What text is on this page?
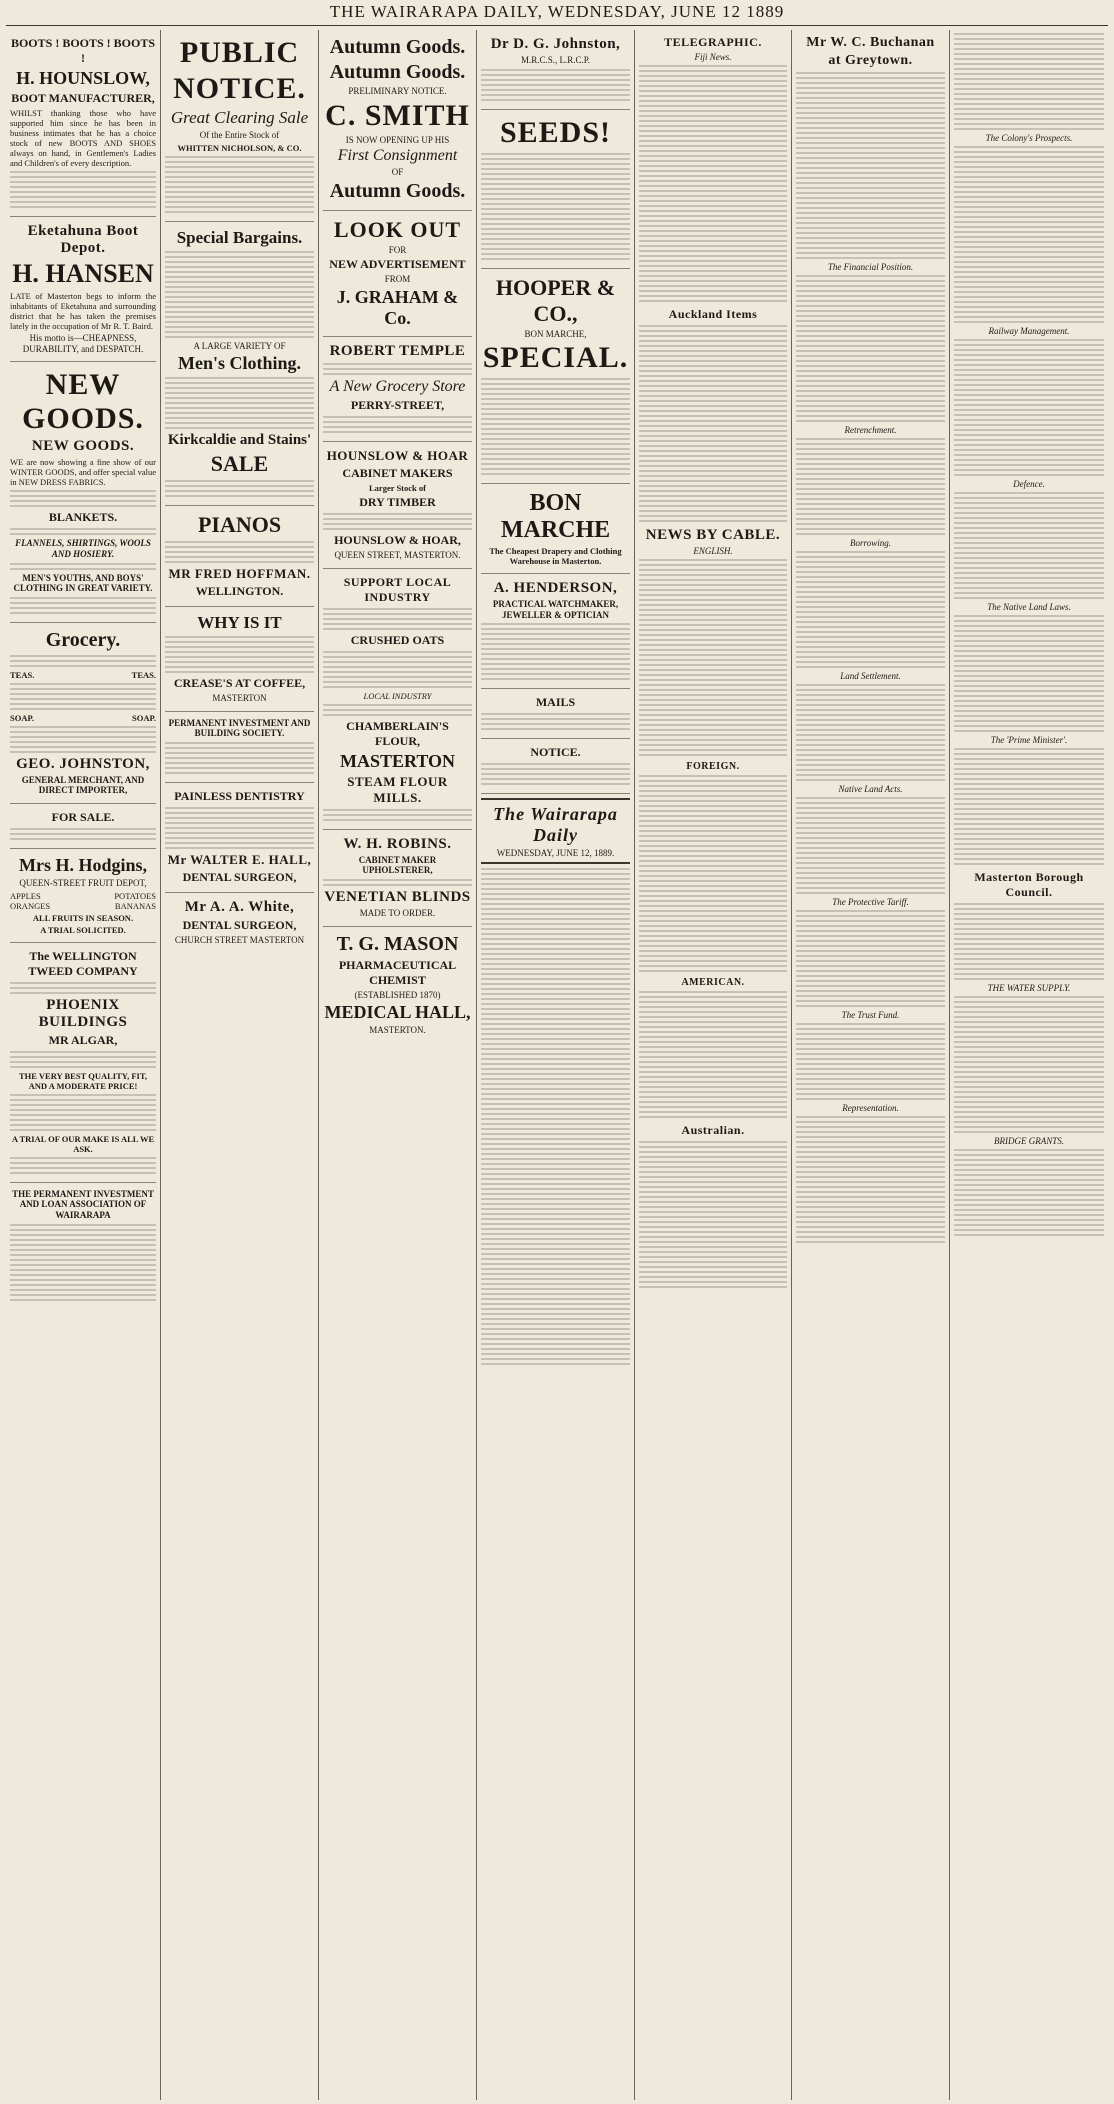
THE WAIRARAPA DAILY, WEDNESDAY, JUNE 12 1889
BOOTS ! BOOTS ! BOOTS !
H. HOUNSLOW,
BOOT MANUFACTURER,

WHILST thanking those who have supported him since he has been in business intimates that he has a choice stock of new BOOTS AND SHOES always on hand, in Gentlemen's Ladies and Children's of every description.

Eketahuna Boot Depot.
H. HANSEN

LATE of Masterton begs to inform the inhabitants of Eketahuna and surrounding district that he has taken the premises lately in the occupation of Mr R. T. Baird.

His motto is—CHEAPNESS, DURABILITY, and DESPATCH.

NEW GOODS.
NEW GOODS.

WE are now showing a fine show of our WINTER GOODS, and offer special value in NEW DRESS FABRICS.

BLANKETS.

FLANNELS, SHIRTINGS, WOOLS AND HOSIERY.

MEN'S YOUTHS, AND BOYS' CLOTHING IN GREAT VARIETY.

Grocery.
TEAS.	TEAS.
SOAP.	SOAP.
GEO. JOHNSTON,

GENERAL MERCHANT, AND DIRECT IMPORTER,

FOR SALE.
Mrs H. Hodgins,

QUEEN-STREET FRUIT DEPOT,

APPLES	POTATOES
ORANGES	BANANAS

ALL FRUITS IN SEASON.

A TRIAL SOLICITED.

The WELLINGTON TWEED COMPANY
PHOENIX BUILDINGS
MR ALGAR,

THE VERY BEST QUALITY, FIT, AND A MODERATE PRICE!

A TRIAL OF OUR MAKE IS ALL WE ASK.

THE PERMANENT INVESTMENT AND LOAN ASSOCIATION OF WAIRARAPA

PUBLIC
NOTICE.
Great Clearing Sale

Of the Entire Stock of

WHITTEN NICHOLSON, & CO.

Special Bargains.

A LARGE VARIETY OF

Men's Clothing.
Kirkcaldie and Stains'
SALE
PIANOS
MR FRED HOFFMAN.
WELLINGTON.
WHY IS IT
CREASE'S AT COFFEE,

MASTERTON

PERMANENT INVESTMENT AND BUILDING SOCIETY.

PAINLESS DENTISTRY
Mr WALTER E. HALL,
DENTAL SURGEON,
Mr A. A. White,
DENTAL SURGEON,

CHURCH STREET MASTERTON

Autumn Goods.
Autumn Goods.

PRELIMINARY NOTICE.

C. SMITH

IS NOW OPENING UP HIS

First Consignment

OF

Autumn Goods.
LOOK OUT

FOR

NEW ADVERTISEMENT

FROM

J. GRAHAM & Co.
ROBERT TEMPLE
A New Grocery Store
PERRY-STREET,
HOUNSLOW & HOAR
CABINET MAKERS

Larger Stock of

DRY TIMBER
HOUNSLOW & HOAR,

QUEEN STREET, MASTERTON.

SUPPORT LOCAL INDUSTRY
CRUSHED OATS

LOCAL INDUSTRY

CHAMBERLAIN'S FLOUR,
MASTERTON
STEAM FLOUR MILLS.
W. H. ROBINS.

CABINET MAKER UPHOLSTERER,

VENETIAN BLINDS

MADE TO ORDER.

T. G. MASON
PHARMACEUTICAL CHEMIST

(ESTABLISHED 1870)

MEDICAL HALL,

MASTERTON.

Dr D. G. Johnston,

M.R.C.S., L.R.C.P.

SEEDS!
HOOPER & CO.,

BON MARCHE,

SPECIAL.
BON MARCHE

The Cheapest Drapery and Clothing Warehouse in Masterton.

A. HENDERSON,

PRACTICAL WATCHMAKER, JEWELLER & OPTICIAN

MAILS
NOTICE.
The Wairarapa Daily
WEDNESDAY, JUNE 12, 1889.
TELEGRAPHIC.
Fiji News.
Auckland Items
NEWS BY CABLE.
ENGLISH.
FOREIGN.
AMERICAN.
Australian.
Mr W. C. Buchanan
at Greytown.
The Financial Position.
Retrenchment.
Borrowing.
Land Settlement.
Native Land Acts.
The Protective Tariff.
The Trust Fund.
Representation.
The Colony's Prospects.
Railway Management.
Defence.
The Native Land Laws.
The 'Prime Minister'.
Masterton Borough Council.
THE WATER SUPPLY.
BRIDGE GRANTS.
